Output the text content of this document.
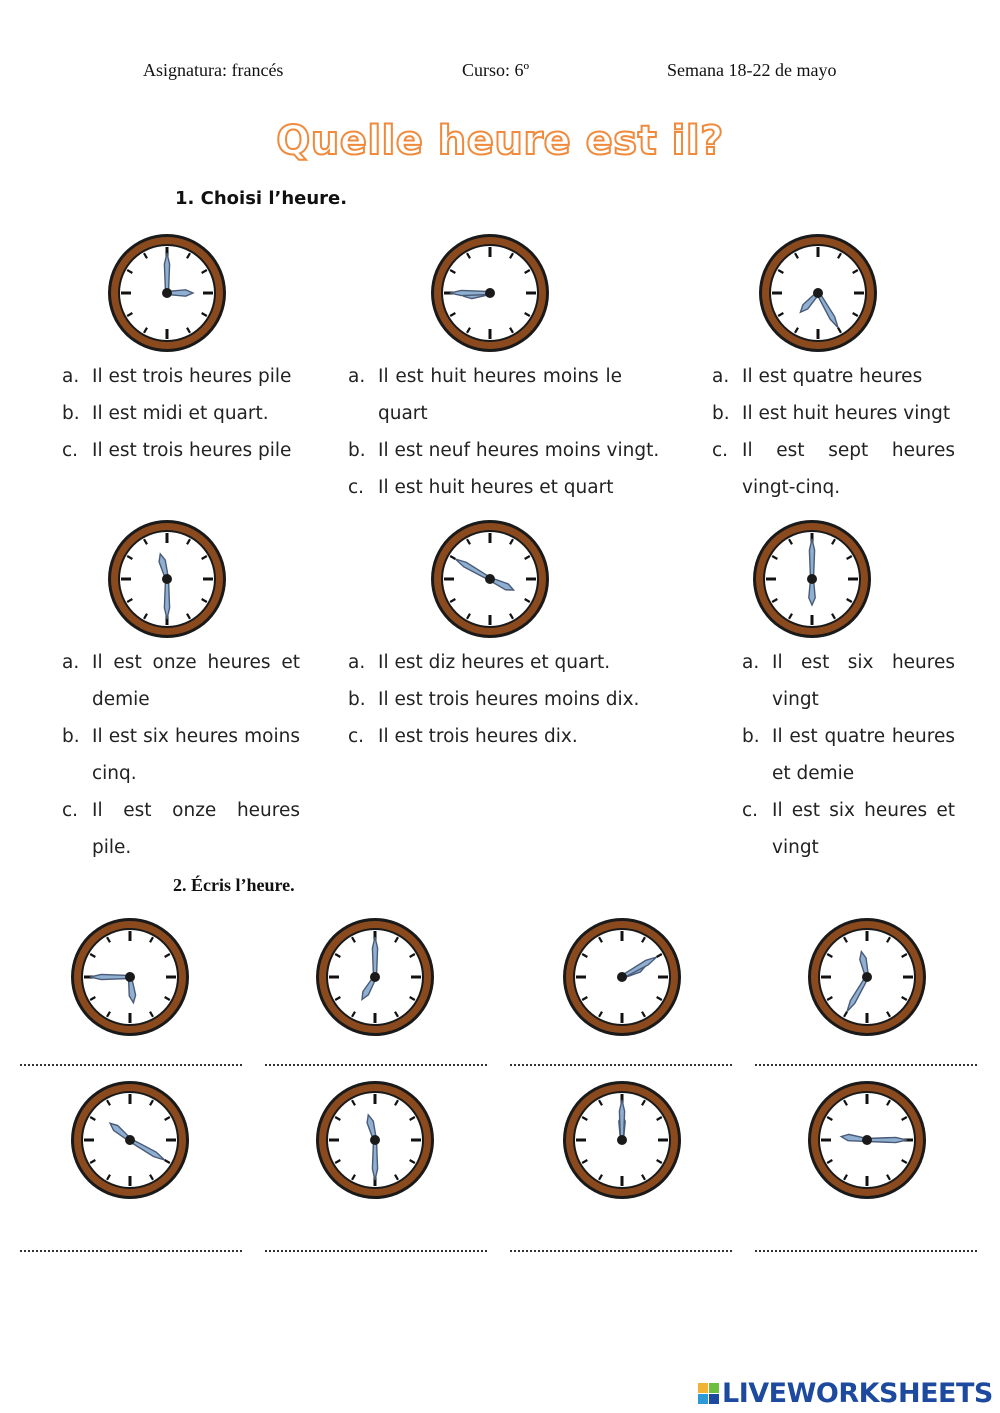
Asignatura: francés	Curso: 6º	Semana 18-22 de mayo
Quelle heure est il?
1. Choisi l’heure.
a. Il est trois heures pile
b. Il est midi et quart.
c. Il est trois heures pile
a. Il est huit heures moins le quart
b. Il est neuf heures moins vingt.
c. Il est huit heures et quart
a. Il est quatre heures
b. Il est huit heures vingt
c. Il est sept heures vingt-cinq.
a. Il est onze heures et demie
b. Il est six heures moins cinq.
c. Il est onze heures pile.
a. Il est diz heures et quart.
b. Il est trois heures moins dix.
c. Il est trois heures dix.
a. Il est six heures vingt
b. Il est quatre heures et demie
c. Il est six heures et vingt
2. Écris l’heure.
LIVEWORKSHEETS
